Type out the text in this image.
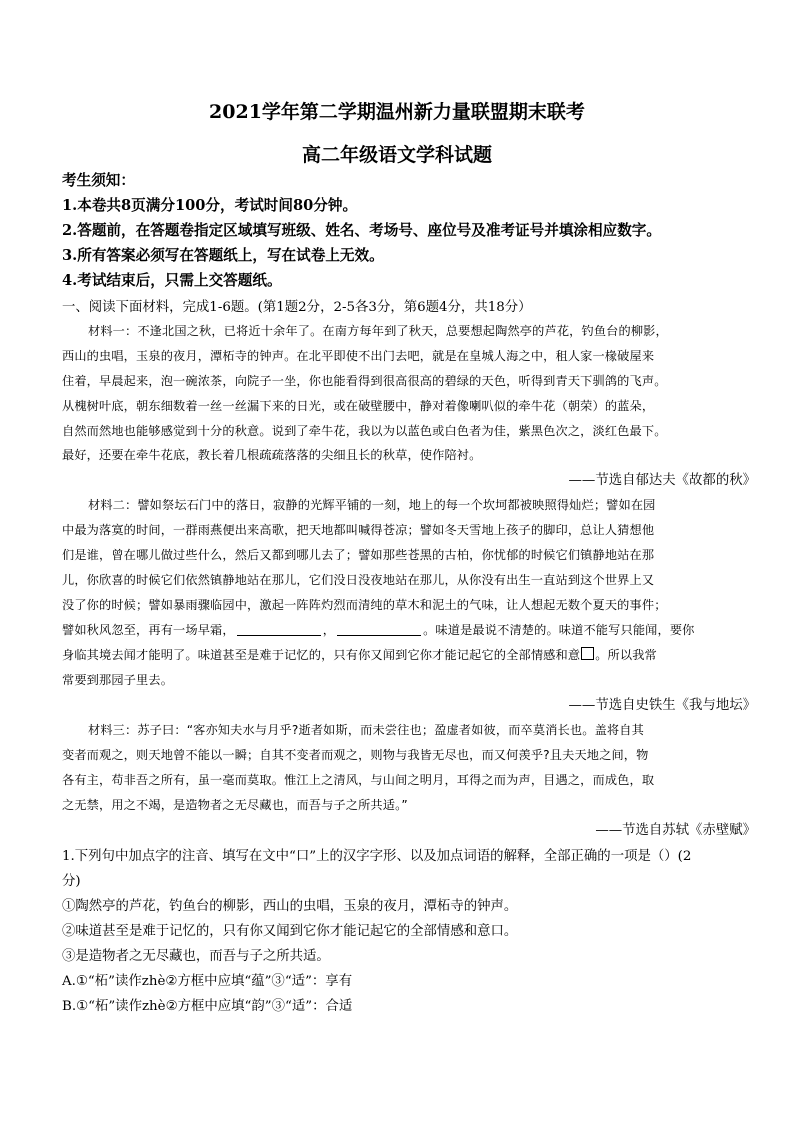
2021学年第二学期温州新力量联盟期末联考
高二年级语文学科试题
考生须知：
1.本卷共8页满分100分，考试时间80分钟。
2.答题前，在答题卷指定区域填写班级、姓名、考场号、座位号及准考证号并填涂相应数字。
3.所有答案必须写在答题纸上，写在试卷上无效。
4.考试结束后，只需上交答题纸。
一、阅读下面材料，完成1-6题。(第1题2分，2-5各3分，第6题4分，共18分）
材料一：不逢北国之秋，已将近十余年了。在南方每年到了秋天，总要想起陶然亭的芦花，钓鱼台的柳影，
西山的虫唱，玉泉的夜月，潭柘寺的钟声。在北平即使不出门去吧，就是在皇城人海之中，租人家一椽破屋来
住着，早晨起来，泡一碗浓茶，向院子一坐，你也能看得到很高很高的碧绿的天色，听得到青天下驯鸽的飞声。
从槐树叶底，朝东细数着一丝一丝漏下来的日光，或在破壁腰中，静对着像喇叭似的牵牛花（朝荣）的蓝朵，
自然而然地也能够感觉到十分的秋意。说到了牵牛花，我以为以蓝色或白色者为佳，紫黑色次之，淡红色最下。
最好，还要在牵牛花底，教长着几根疏疏落落的尖细且长的秋草，使作陪衬。
——节选自郁达夫《故都的秋》
材料二：譬如祭坛石门中的落日，寂静的光辉平铺的一刻，地上的每一个坎坷都被映照得灿烂；譬如在园
中最为落寞的时间，一群雨燕便出来高歌，把天地都叫喊得苍凉；譬如冬天雪地上孩子的脚印，总让人猜想他
们是谁，曾在哪儿做过些什么，然后又都到哪儿去了；譬如那些苍黑的古柏，你忧郁的时候它们镇静地站在那
儿，你欣喜的时候它们依然镇静地站在那儿，它们没日没夜地站在那儿，从你没有出生一直站到这个世界上又
没了你的时候；譬如暴雨骤临园中，激起一阵阵灼烈而清纯的草木和泥土的气味，让人想起无数个夏天的事件；
譬如秋风忽至，再有一场早霜，	，	。味道是最说不清楚的。味道不能写只能闻，要你
身临其境去闻才能明了。味道甚至是难于记忆的，只有你又闻到它你才能记起它的全部情感和意 。所以我常
常要到那园子里去。
——节选自史铁生《我与地坛》
材料三：苏子曰：“客亦知夫水与月乎?逝者如斯，而未尝往也；盈虚者如彼，而卒莫消长也。盖将自其
变者而观之，则天地曾不能以一瞬；自其不变者而观之，则物与我皆无尽也，而又何羡乎?且夫天地之间，物
各有主，苟非吾之所有，虽一毫而莫取。惟江上之清风，与山间之明月，耳得之而为声，目遇之，而成色，取
之无禁，用之不竭，是造物者之无尽藏也，而吾与子之所共适。”
——节选自苏轼《赤壁赋》
1.下列句中加点字的注音、填写在文中“口”上的汉字字形、以及加点词语的解释，全部正确的一项是（）(2
分)
①陶然亭的芦花，钓鱼台的柳影，西山的虫唱，玉泉的夜月，潭柘寺的钟声。
②味道甚至是难于记忆的，只有你又闻到它你才能记起它的全部情感和意口。
③是造物者之无尽藏也，而吾与子之所共适。
A.①“柘”读作zhè②方框中应填“蕴”③“适”：享有
B.①“柘”读作zhè②方框中应填“韵”③“适”：合适
